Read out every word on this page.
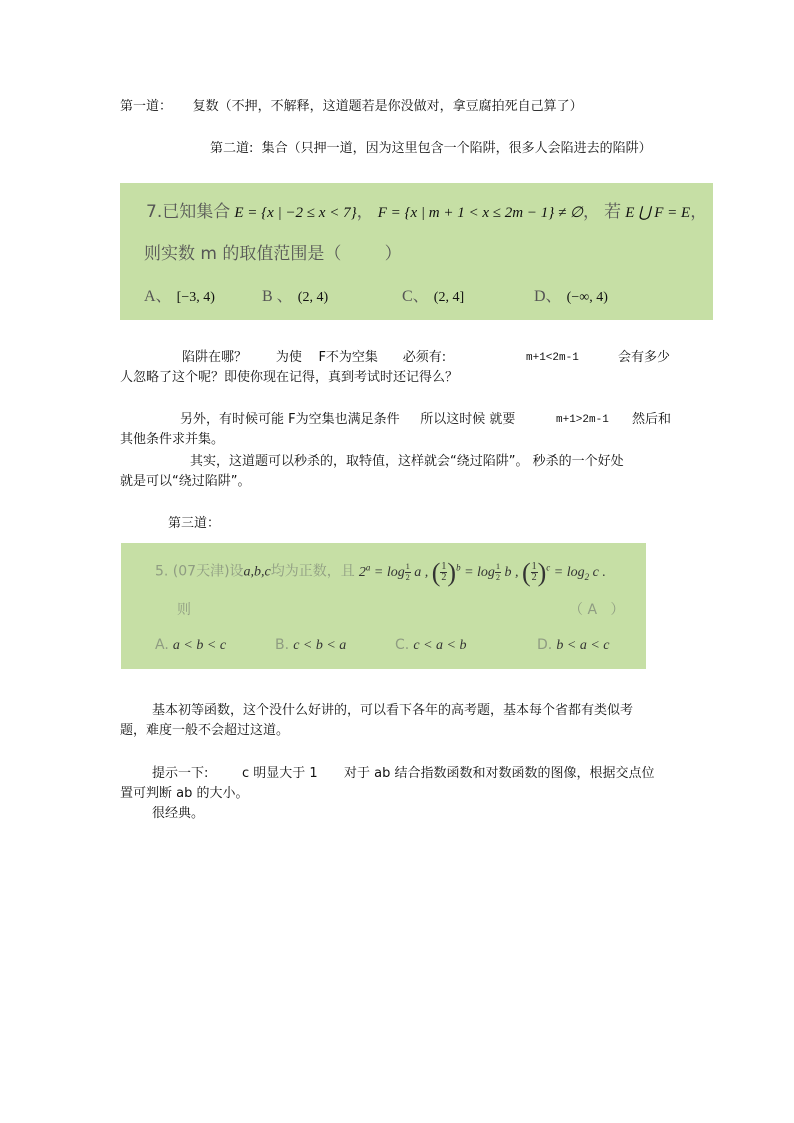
第一道：     复数（不押，不解释，这道题若是你没做对，拿豆腐拍死自己算了）
第二道:  集合（只押一道，因为这里包含一个陷阱，很多人会陷进去的陷阱）
7.已知集合 E = {x | −2 ≤ x < 7}， F = {x | m + 1 < x ≤ 2m − 1} ≠ ∅， 若 E ⋃ F = E，
则实数 m 的取值范围是（        ）
A、 [−3, 4)	B 、 (2, 4)	C、 (2, 4]	D、 (−∞, 4)
陷阱在哪？       为使    F不为空集      必须有:	m+1<2m-1	会有多少
人忽略了这个呢？即使你现在记得，真到考试时还记得么？
另外，有时候可能 F为空集也满足条件     所以这时候 就要	m+1>2m-1 然后和
其他条件求并集。
其实，这道题可以秒杀的，取特值，这样就会“绕过陷阱”。 秒杀的一个好处
就是可以“绕过陷阱”。
第三道：
5. (07天津)设a,b,c均为正数，且 $2^a = \log \frac{1}{2}$ a , ( $\frac{1}{2} )^b = \log \frac{1}{2}$ b , ( $\frac{1}{2} )^c = \log_2 c$ .
则	（ A   ）
A. a < b < c	B. c < b < a	C. c < a < b	D. b < a < c
基本初等函数，这个没什么好讲的，可以看下各年的高考题，基本每个省都有类似考
题，难度一般不会超过这道。
提示一下:	c 明显大于 1 对于 ab 结合指数函数和对数函数的图像，根据交点位
置可判断 ab 的大小。
很经典。
